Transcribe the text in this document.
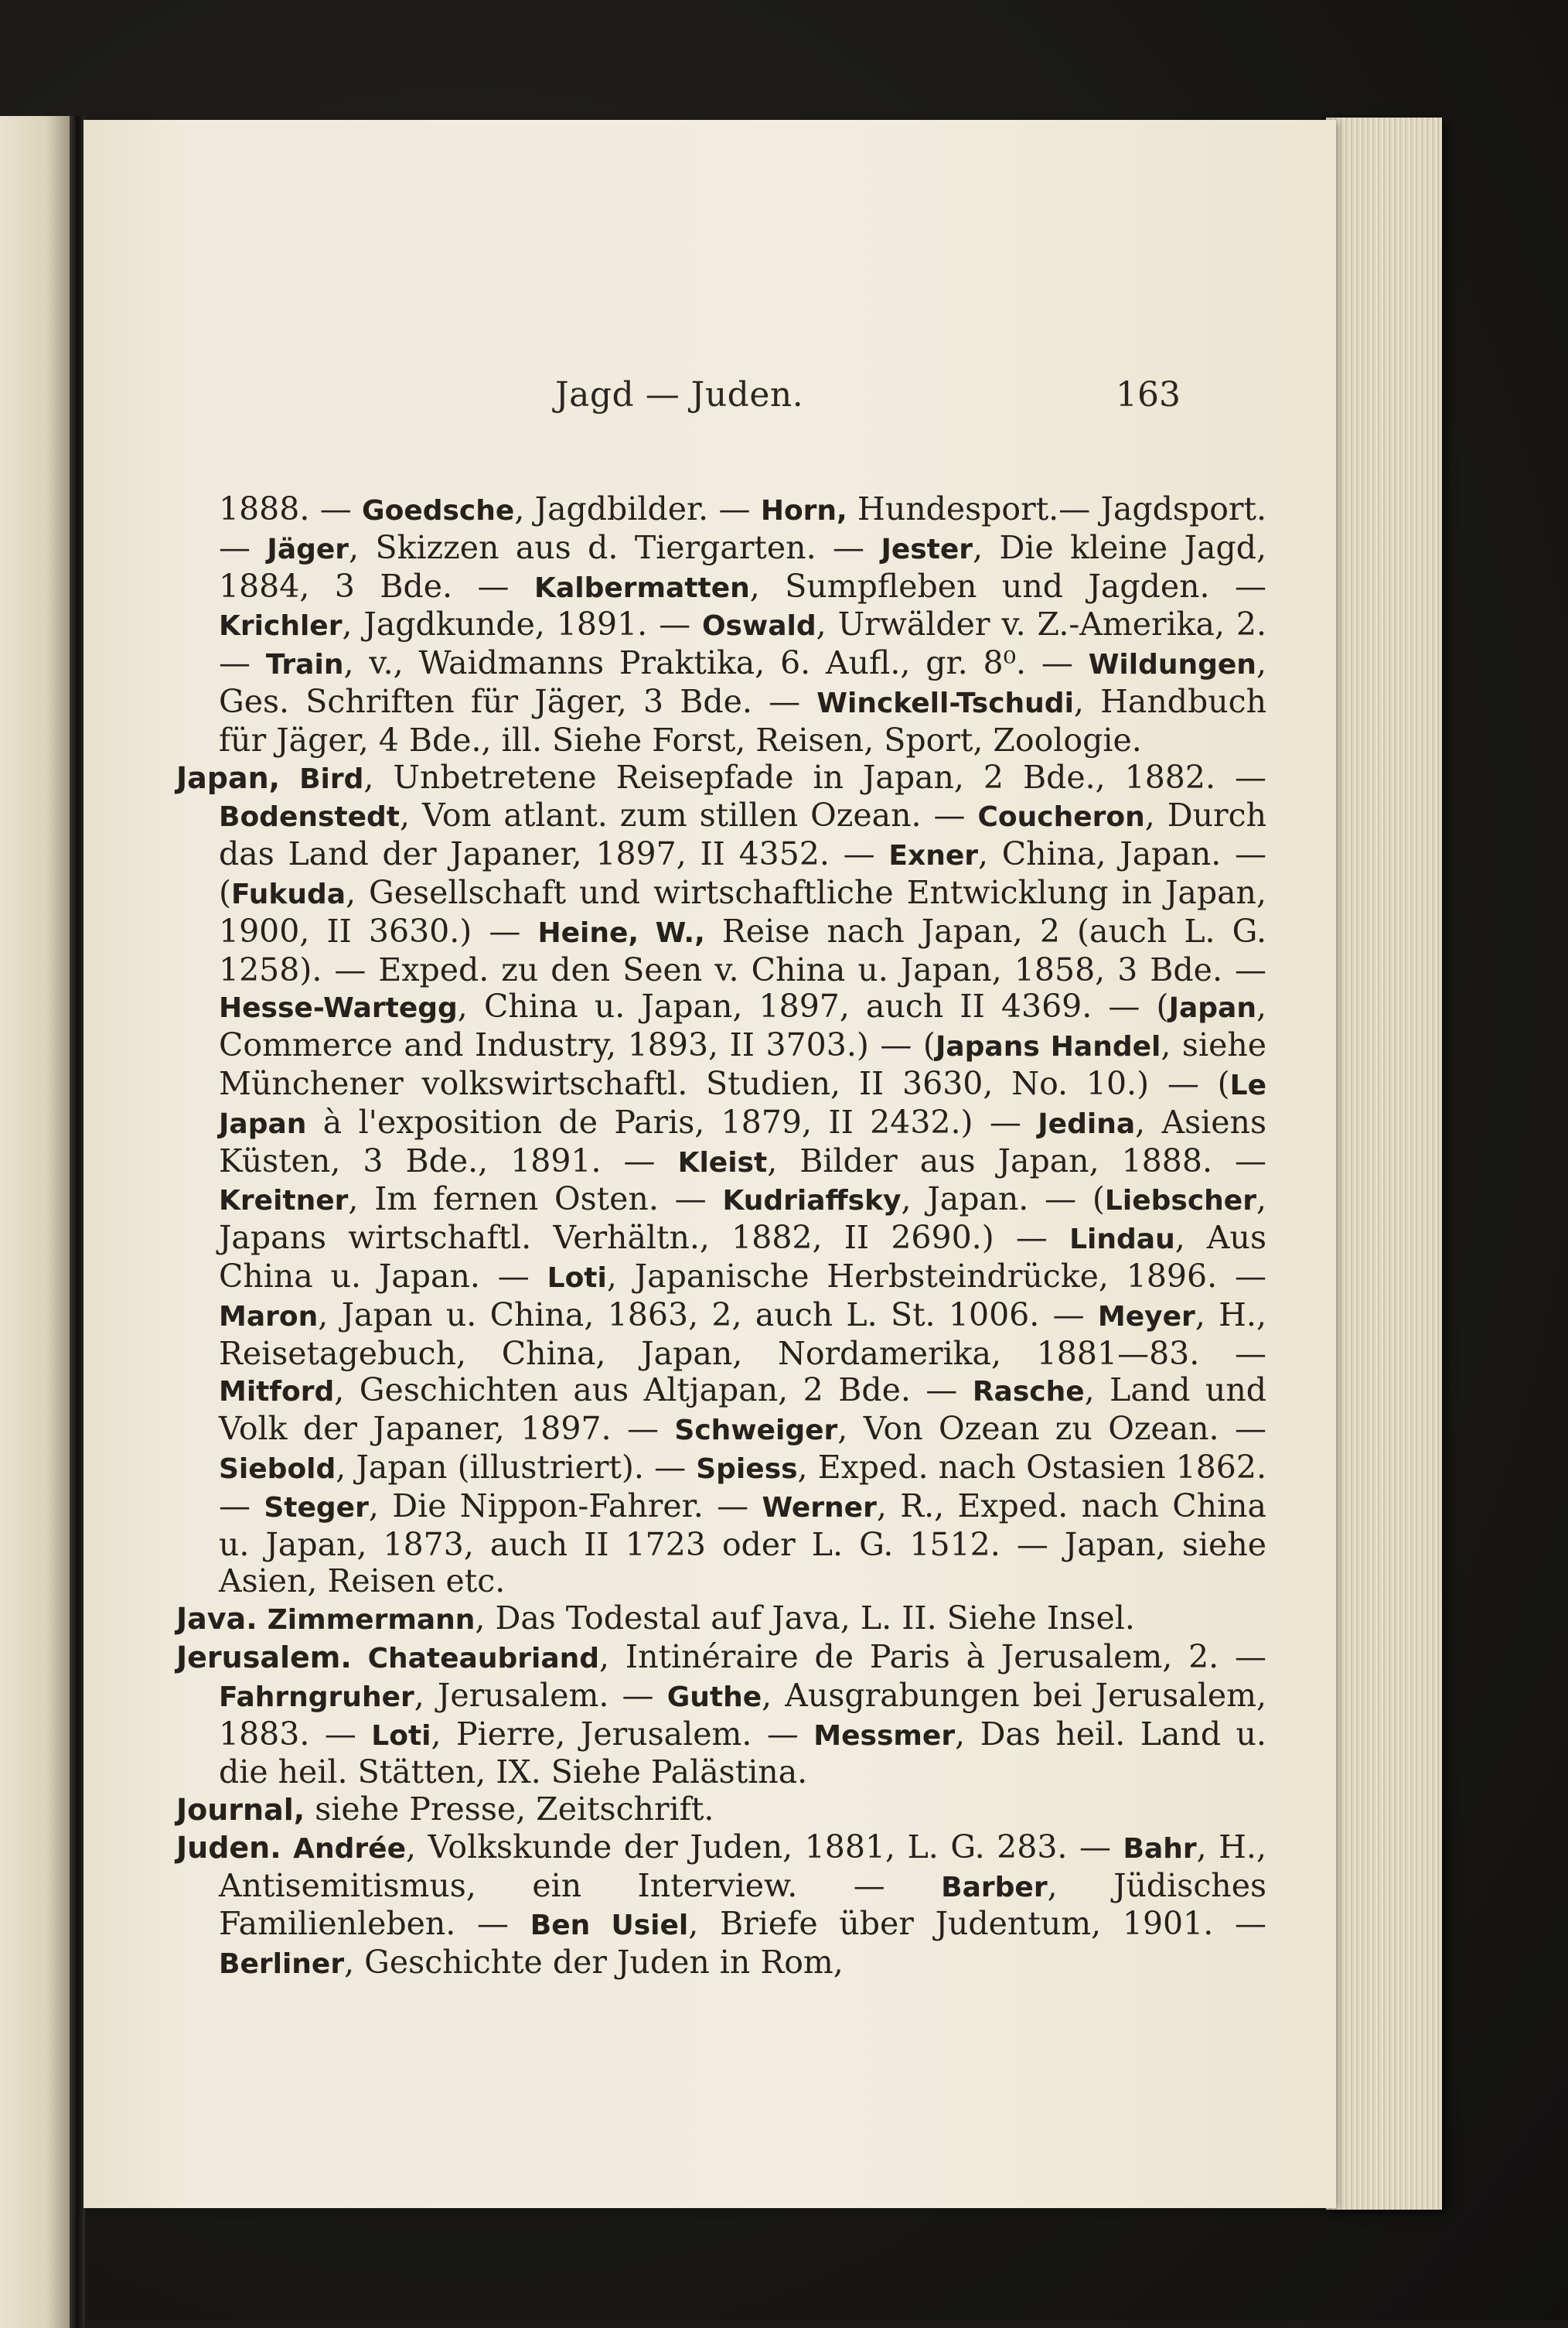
Jagd — Juden.	163

1888. — Goedsche, Jagdbilder. — Horn, Hundesport.— Jagdsport. — Jäger, Skizzen aus d. Tiergarten. — Jester, Die kleine Jagd, 1884, 3 Bde. — Kalbermatten, Sumpfleben und Jagden. — Krichler, Jagdkunde, 1891. — Oswald, Urwälder v. Z.-Amerika, 2. — Train, v., Waidmanns Praktika, 6. Aufl., gr. 8⁰. — Wildungen, Ges. Schriften für Jäger, 3 Bde. — Winckell-Tschudi, Handbuch für Jäger, 4 Bde., ill. Siehe Forst, Reisen, Sport, Zoologie.

Japan, Bird, Unbetretene Reisepfade in Japan, 2 Bde., 1882. — Bodenstedt, Vom atlant. zum stillen Ozean. — Coucheron, Durch das Land der Japaner, 1897, II 4352. — Exner, China, Japan. — (Fukuda, Gesellschaft und wirtschaftliche Entwicklung in Japan, 1900, II 3630.) — Heine, W., Reise nach Japan, 2 (auch L. G. 1258). — Exped. zu den Seen v. China u. Japan, 1858, 3 Bde. — Hesse-Wartegg, China u. Japan, 1897, auch II 4369. — (Japan, Commerce and Industry, 1893, II 3703.) — (Japans Handel, siehe Münchener volkswirtschaftl. Studien, II 3630, No. 10.) — (Le Japan à l'exposition de Paris, 1879, II 2432.) — Jedina, Asiens Küsten, 3 Bde., 1891. — Kleist, Bilder aus Japan, 1888. — Kreitner, Im fernen Osten. — Kudriaffsky, Japan. — (Liebscher, Japans wirtschaftl. Verhältn., 1882, II 2690.) — Lindau, Aus China u. Japan. — Loti, Japanische Herbsteindrücke, 1896. — Maron, Japan u. China, 1863, 2, auch L. St. 1006. — Meyer, H., Reisetagebuch, China, Japan, Nordamerika, 1881—83. — Mitford, Geschichten aus Altjapan, 2 Bde. — Rasche, Land und Volk der Japaner, 1897. — Schweiger, Von Ozean zu Ozean. — Siebold, Japan (illustriert). — Spiess, Exped. nach Ostasien 1862. — Steger, Die Nippon-Fahrer. — Werner, R., Exped. nach China u. Japan, 1873, auch II 1723 oder L. G. 1512. — Japan, siehe Asien, Reisen etc.

Java. Zimmermann, Das Todestal auf Java, L. II. Siehe Insel.

Jerusalem. Chateaubriand, Intinéraire de Paris à Jerusalem, 2. — Fahrngruher, Jerusalem. — Guthe, Ausgrabungen bei Jerusalem, 1883. — Loti, Pierre, Jerusalem. — Messmer, Das heil. Land u. die heil. Stätten, IX. Siehe Palästina.

Journal, siehe Presse, Zeitschrift.

Juden. Andrée, Volkskunde der Juden, 1881, L. G. 283. — Bahr, H., Antisemitismus, ein Interview. — Barber, Jüdisches Familienleben. — Ben Usiel, Briefe über Judentum, 1901. — Berliner, Geschichte der Juden in Rom,
